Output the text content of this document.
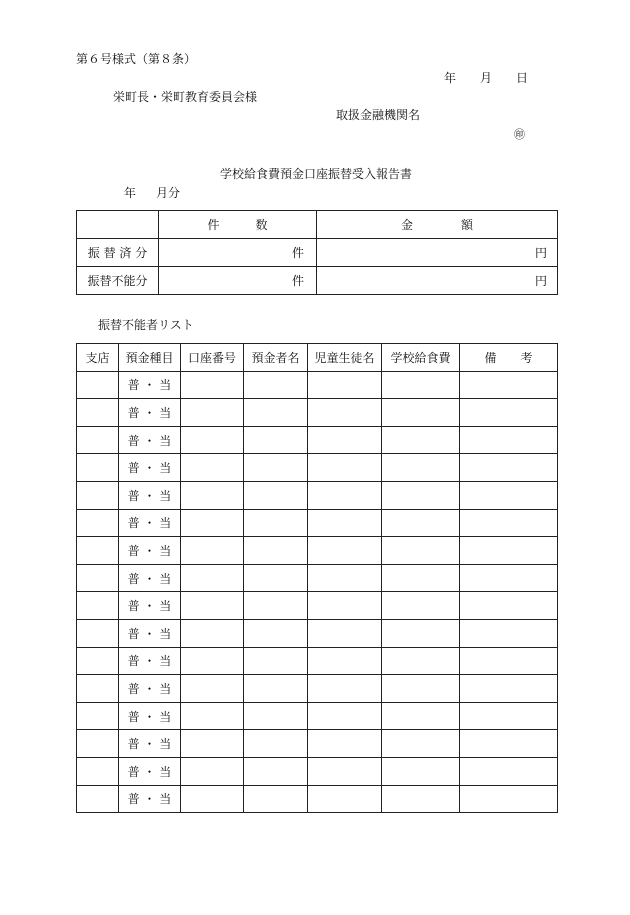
第６号様式（第８条）
年 月 日
栄町長・栄町教育委員会様
取扱金融機関名
㊞
学校給食費預金口座振替受入報告書
年 月分
	件　　　数	金　　　　額
振 替 済 分	件	円
振替不能分	件	円
振替不能者リスト
支店	預金種目	口座番号	預金者名	児童生徒名	学校給食費	備　　考
	普 ・ 当					
	普 ・ 当					
	普 ・ 当					
	普 ・ 当					
	普 ・ 当					
	普 ・ 当					
	普 ・ 当					
	普 ・ 当					
	普 ・ 当					
	普 ・ 当					
	普 ・ 当					
	普 ・ 当					
	普 ・ 当					
	普 ・ 当					
	普 ・ 当					
	普 ・ 当					
